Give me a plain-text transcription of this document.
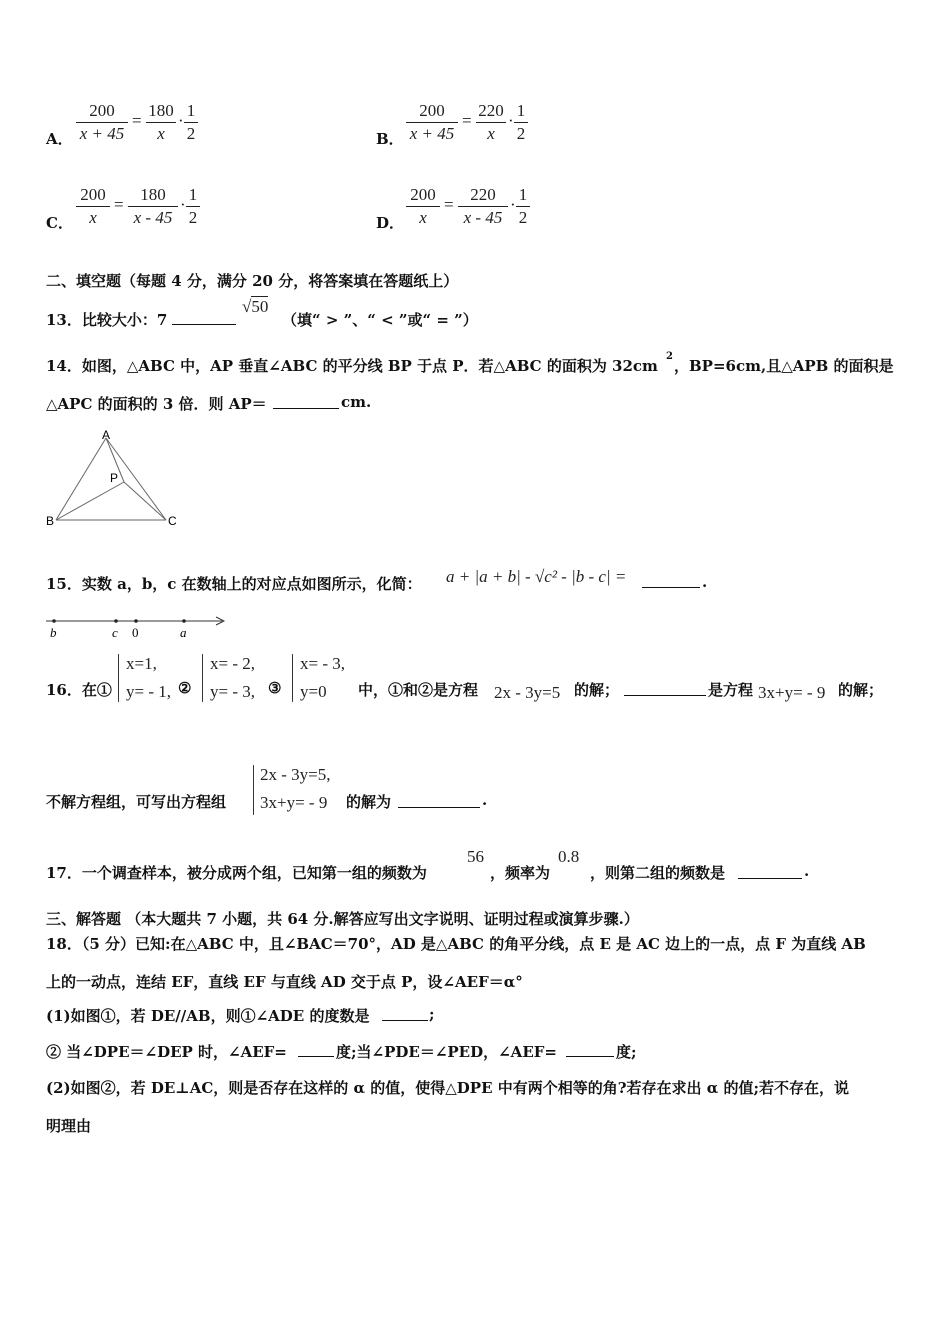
A． $\frac{200}{x + 45} = \frac{180}{x} \cdot \frac{1}{2}$	B． $\frac{200}{x + 45} = \frac{220}{x} \cdot \frac{1}{2}$
C． $\frac{200}{x} = \frac{180}{x - 45} \cdot \frac{1}{2}$	D． $\frac{200}{x} = \frac{220}{x - 45} \cdot \frac{1}{2}$
二、填空题（每题 4 分，满分 20 分，将答案填在答题纸上）
13．比较大小：7
√50
（填“ > ”、“ < ”或“ = ”）
14．如图，△ABC 中，AP 垂直∠ABC 的平分线 BP 于点 P．若△ABC 的面积为 32cm
2
，BP=6cm,且△APB 的面积是
△APC 的面积的 3 倍．则 AP＝	cm.
A
P
B	C
15．实数 a，b，c 在数轴上的对应点如图所示，化简： a + |a + b| - √c² - |b - c| =	.
b	c 0	a
16．在①
x=1,
y= - 1, ②
x= - 2,
y= - 3, ③
x= - 3,
y=0 中，①和②是方程 2x - 3y=5 的解；	是方程 3x+y= - 9 的解；
不解方程组，可写出方程组
2x - 3y=5,
3x+y= - 9 的解为	.
17．一个调查样本，被分成两个组，已知第一组的频数为
56
，频率为
0.8
，则第二组的频数是	.
三、解答题 （本大题共 7 小题，共 64 分.解答应写出文字说明、证明过程或演算步骤.）
18．（5 分）已知:在△ABC 中，且∠BAC＝70°，AD 是△ABC 的角平分线，点 E 是 AC 边上的一点，点 F 为直线 AB
上的一动点，连结 EF，直线 EF 与直线 AD 交于点 P，设∠AEF＝α°
(1)如图①，若 DE//AB，则①∠ADE 的度数是	;
② 当∠DPE＝∠DEP 时，∠AEF=	度;当∠PDE＝∠PED，∠AEF=	度;
(2)如图②，若 DE⊥AC，则是否存在这样的 α 的值，使得△DPE 中有两个相等的角?若存在求出 α 的值;若不存在，说
明理由
